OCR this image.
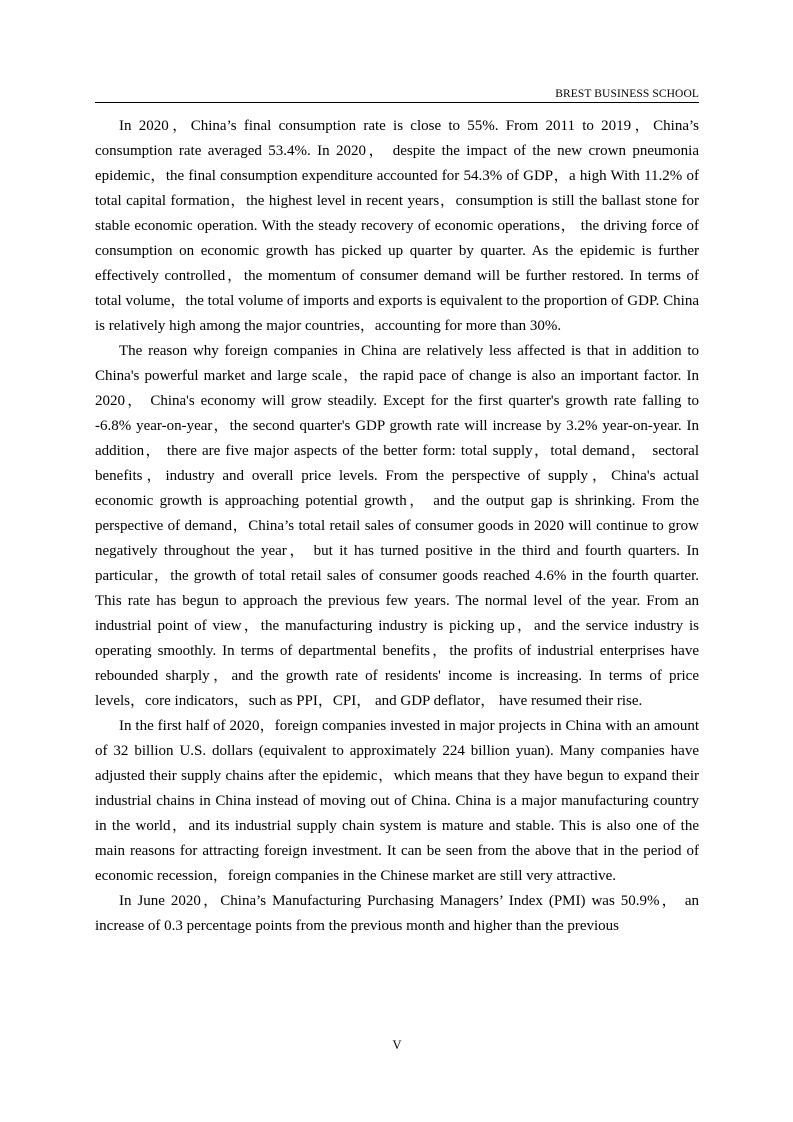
BREST BUSINESS SCHOOL

In 2020，China’s final consumption rate is close to 55%. From 2011 to 2019，China’s consumption rate averaged 53.4%. In 2020， despite the impact of the new crown pneumonia epidemic，the final consumption expenditure accounted for 54.3% of GDP，a high With 11.2% of total capital formation，the highest level in recent years，consumption is still the ballast stone for stable economic operation. With the steady recovery of economic operations， the driving force of consumption on economic growth has picked up quarter by quarter. As the epidemic is further effectively controlled，the momentum of consumer demand will be further restored. In terms of total volume，the total volume of imports and exports is equivalent to the proportion of GDP. China is relatively high among the major countries，accounting for more than 30%.

The reason why foreign companies in China are relatively less affected is that in addition to China's powerful market and large scale，the rapid pace of change is also an important factor. In 2020， China's economy will grow steadily. Except for the first quarter's growth rate falling to -6.8% year-on-year，the second quarter's GDP growth rate will increase by 3.2% year-on-year. In addition， there are five major aspects of the better form: total supply，total demand， sectoral benefits，industry and overall price levels. From the perspective of supply，China's actual economic growth is approaching potential growth， and the output gap is shrinking. From the perspective of demand，China’s total retail sales of consumer goods in 2020 will continue to grow negatively throughout the year， but it has turned positive in the third and fourth quarters. In particular，the growth of total retail sales of consumer goods reached 4.6% in the fourth quarter. This rate has begun to approach the previous few years. The normal level of the year. From an industrial point of view，the manufacturing industry is picking up，and the service industry is operating smoothly. In terms of departmental benefits，the profits of industrial enterprises have rebounded sharply，and the growth rate of residents' income is increasing. In terms of price levels，core indicators，such as PPI，CPI， and GDP deflator， have resumed their rise.

In the first half of 2020，foreign companies invested in major projects in China with an amount of 32 billion U.S. dollars (equivalent to approximately 224 billion yuan). Many companies have adjusted their supply chains after the epidemic，which means that they have begun to expand their industrial chains in China instead of moving out of China. China is a major manufacturing country in the world，and its industrial supply chain system is mature and stable. This is also one of the main reasons for attracting foreign investment. It can be seen from the above that in the period of economic recession，foreign companies in the Chinese market are still very attractive.

In June 2020，China’s Manufacturing Purchasing Managers’ Index (PMI) was 50.9%， an increase of 0.3 percentage points from the previous month and higher than the previous

V
